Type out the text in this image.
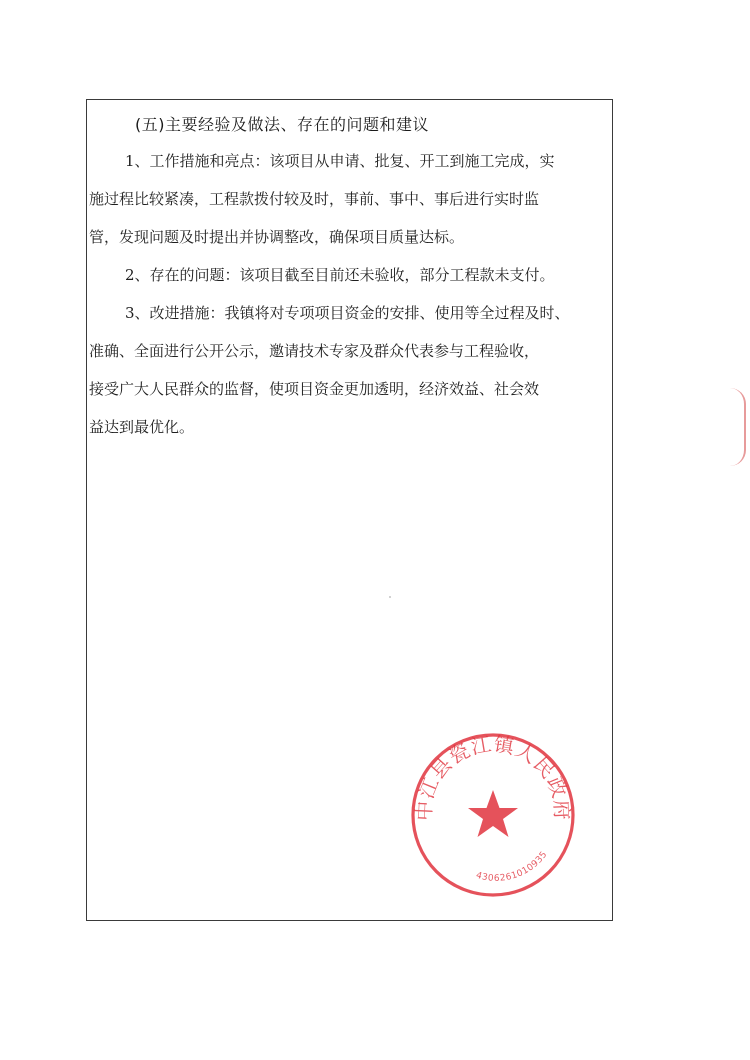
(五)主要经验及做法、存在的问题和建议
1、工作措施和亮点：该项目从申请、批复、开工到施工完成，实
施过程比较紧凑，工程款拨付较及时，事前、事中、事后进行实时监
管，发现问题及时提出并协调整改，确保项目质量达标。
2、存在的问题：该项目截至目前还未验收，部分工程款未支付。
3、改进措施：我镇将对专项项目资金的安排、使用等全过程及时、
准确、全面进行公开公示，邀请技术专家及群众代表参与工程验收，
接受广大人民群众的监督，使项目资金更加透明，经济效益、社会效
益达到最优化。
中江县瓷江镇人民政府
4306261010935
